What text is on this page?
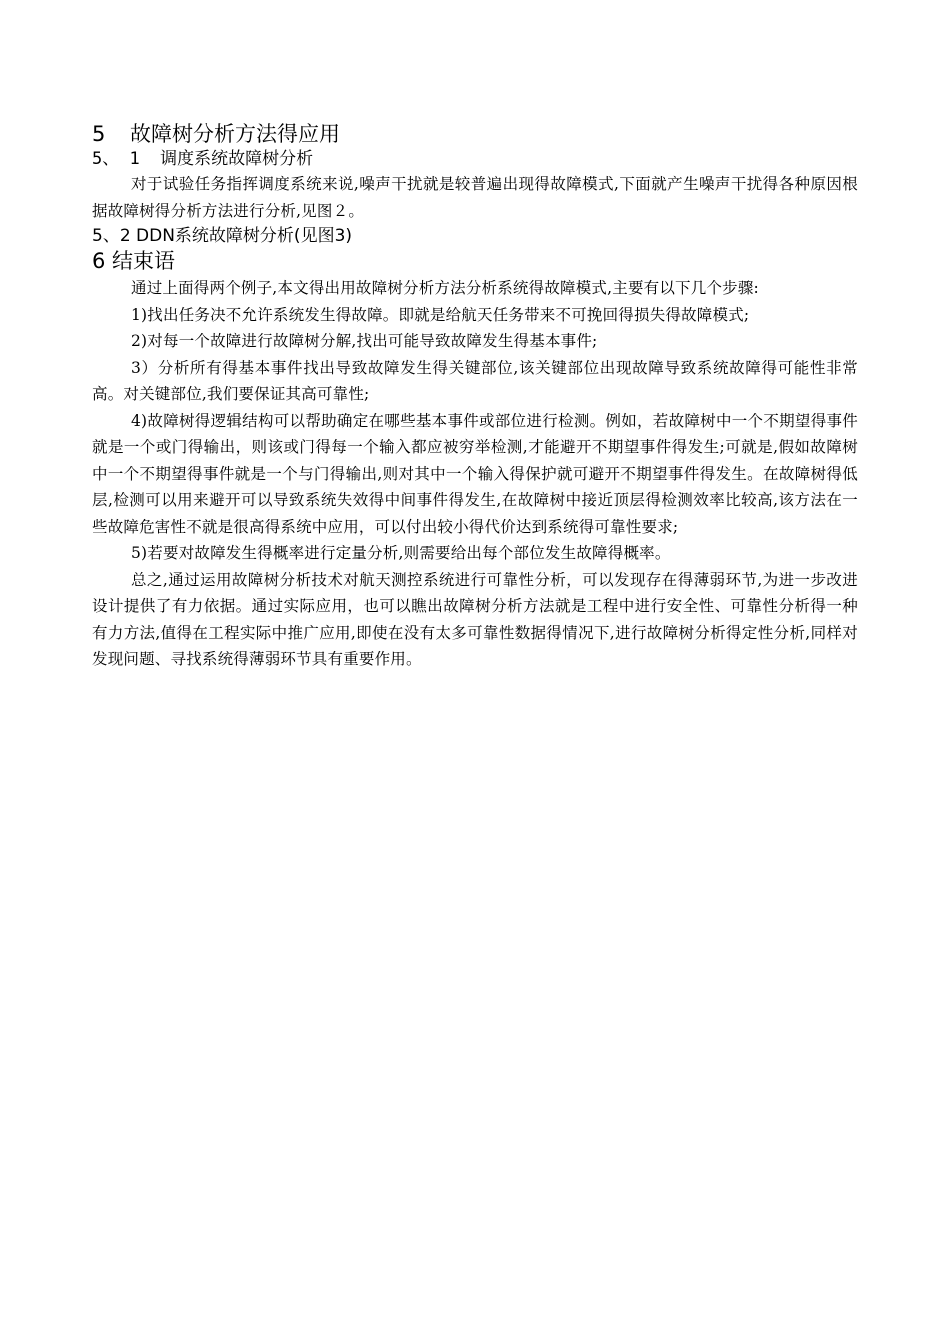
5 故障树分析方法得应用
5、 1  调度系统故障树分析

对于试验任务指挥调度系统来说,噪声干扰就是较普遍出现得故障模式,下面就产生噪声干扰得各种原因根据故障树得分析方法进行分析,见图２。

5、2 DDN系统故障树分析(见图3)
6 结束语

通过上面得两个例子,本文得出用故障树分析方法分析系统得故障模式,主要有以下几个步骤:

1)找出任务决不允许系统发生得故障。即就是给航天任务带来不可挽回得损失得故障模式;

2)对每一个故障进行故障树分解,找出可能导致故障发生得基本事件;

3）分析所有得基本事件找出导致故障发生得关键部位,该关键部位出现故障导致系统故障得可能性非常高。对关键部位,我们要保证其高可靠性;

4)故障树得逻辑结构可以帮助确定在哪些基本事件或部位进行检测。例如，若故障树中一个不期望得事件就是一个或门得输出，则该或门得每一个输入都应被穷举检测,才能避开不期望事件得发生;可就是,假如故障树中一个不期望得事件就是一个与门得输出,则对其中一个输入得保护就可避开不期望事件得发生。在故障树得低层,检测可以用来避开可以导致系统失效得中间事件得发生,在故障树中接近顶层得检测效率比较高,该方法在一些故障危害性不就是很高得系统中应用，可以付出较小得代价达到系统得可靠性要求;

5)若要对故障发生得概率进行定量分析,则需要给出每个部位发生故障得概率。

总之,通过运用故障树分析技术对航天测控系统进行可靠性分析，可以发现存在得薄弱环节,为进一步改进设计提供了有力依据。通过实际应用，也可以瞧出故障树分析方法就是工程中进行安全性、可靠性分析得一种有力方法,值得在工程实际中推广应用,即使在没有太多可靠性数据得情况下,进行故障树分析得定性分析,同样对发现问题、寻找系统得薄弱环节具有重要作用。
